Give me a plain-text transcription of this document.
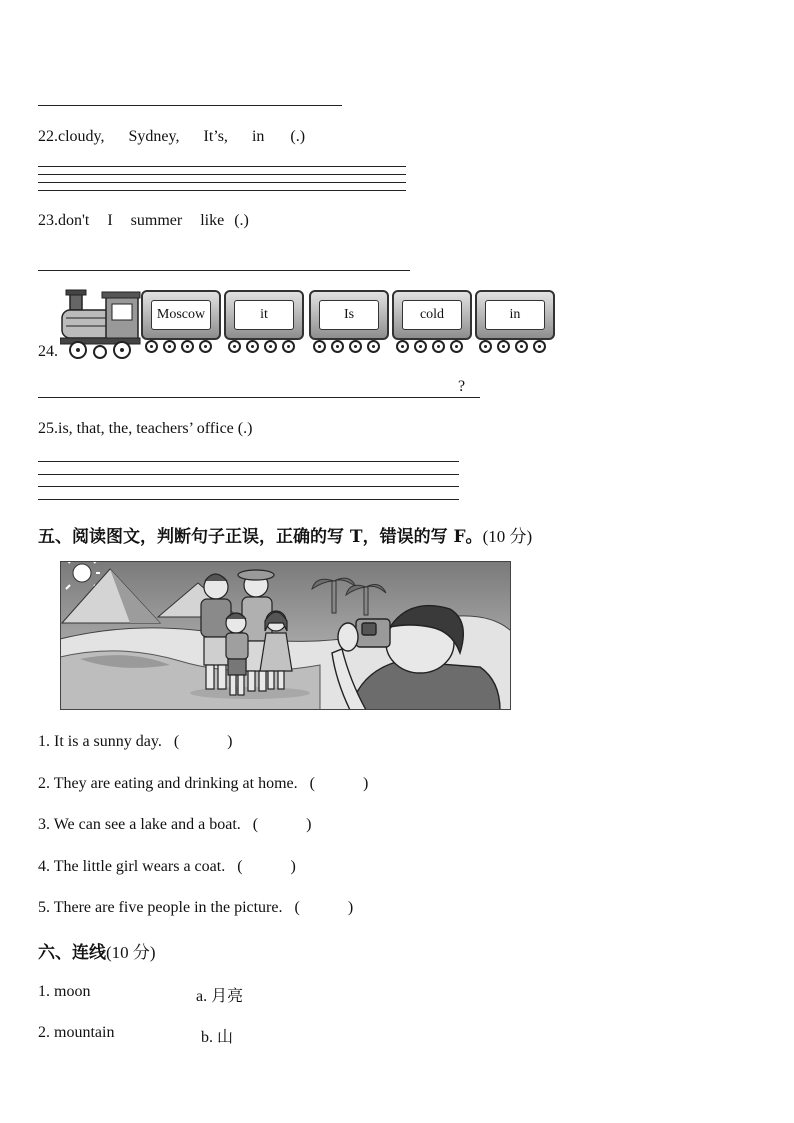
22.cloudy, Sydney, It’s, in (.)
23.don't I summer like (.)
24.
Moscow	it	Is	cold	in
?
25.is, that, the, teachers’ office (.)
五、阅读图文，判断句子正误，正确的写 T，错误的写 F。(10 分)
1. It is a sunny day. (            )
2. They are eating and drinking at home. (            )
3. We can see a lake and a boat. (            )
4. The little girl wears a coat. (            )
5. There are five people in the picture. (            )
六、连线(10 分)
1. moon	a. 月亮
2. mountain	b. 山
